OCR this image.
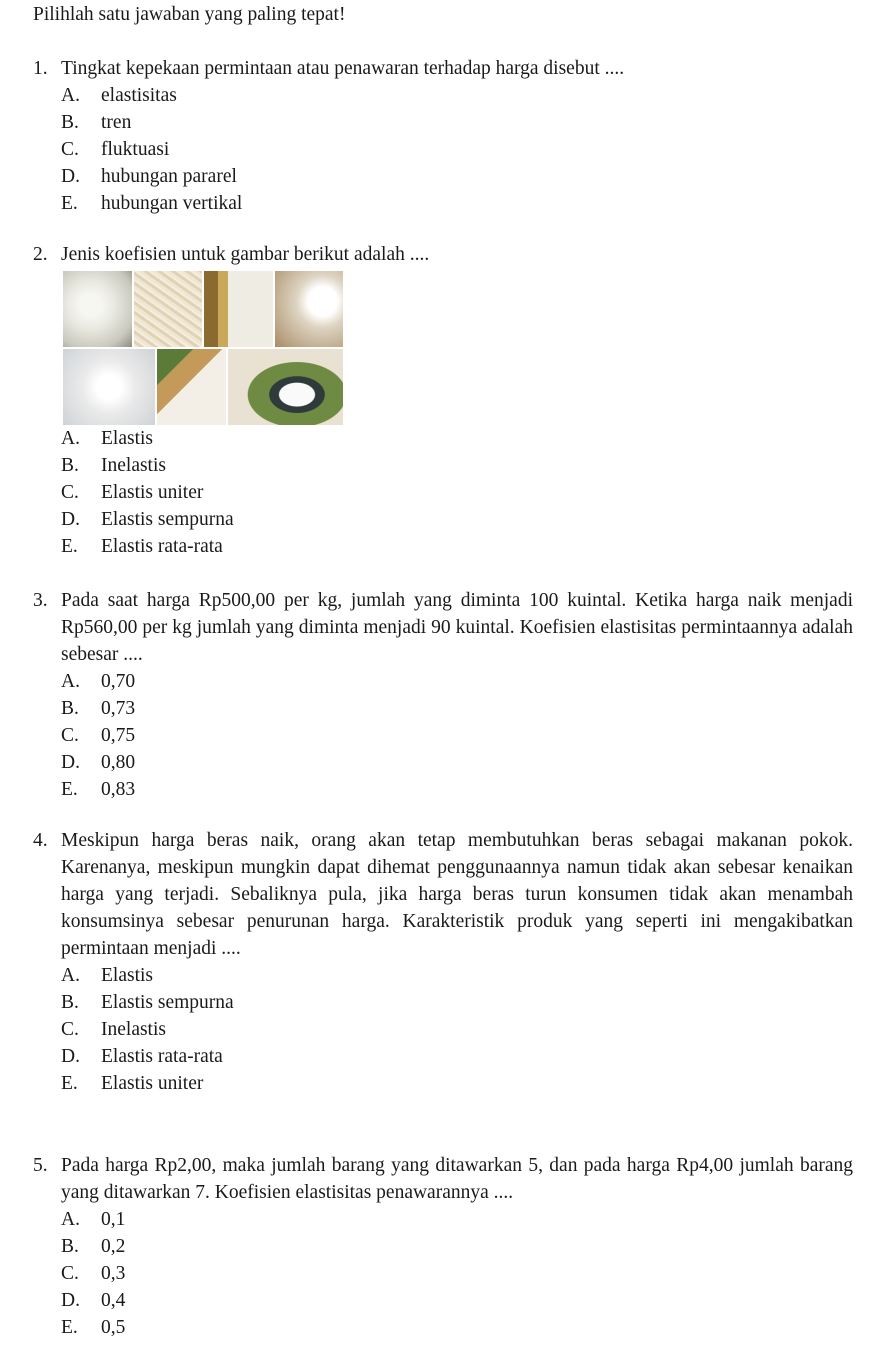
Pilihlah satu jawaban yang paling tepat!
1. Tingkat kepekaan permintaan atau penawaran terhadap harga disebut ....
A.	elastisitas
B.	tren
C.	fluktuasi
D.	hubungan pararel
E.	hubungan vertikal
2. Jenis koefisien untuk gambar berikut adalah ....
A.	Elastis
B.	Inelastis
C.	Elastis uniter
D.	Elastis sempurna
E.	Elastis rata-rata
3. Pada saat harga Rp500,00 per kg, jumlah yang diminta 100 kuintal. Ketika harga naik menjadi Rp560,00 per kg jumlah yang diminta menjadi 90 kuintal. Koefisien elastisitas permintaannya adalah sebesar ....
A.	0,70
B.	0,73
C.	0,75
D.	0,80
E.	0,83
4. Meskipun harga beras naik, orang akan tetap membutuhkan beras sebagai makanan pokok. Karenanya, meskipun mungkin dapat dihemat penggunaannya namun tidak akan sebesar kenaikan harga yang terjadi. Sebaliknya pula, jika harga beras turun konsumen tidak akan menambah konsumsinya sebesar penurunan harga. Karakteristik produk yang seperti ini mengakibatkan permintaan menjadi ....
A.	Elastis
B.	Elastis sempurna
C.	Inelastis
D.	Elastis rata-rata
E.	Elastis uniter
5. Pada harga Rp2,00, maka jumlah barang yang ditawarkan 5, dan pada harga Rp4,00 jumlah barang yang ditawarkan 7. Koefisien elastisitas penawarannya ....
A.	0,1
B.	0,2
C.	0,3
D.	0,4
E.	0,5
